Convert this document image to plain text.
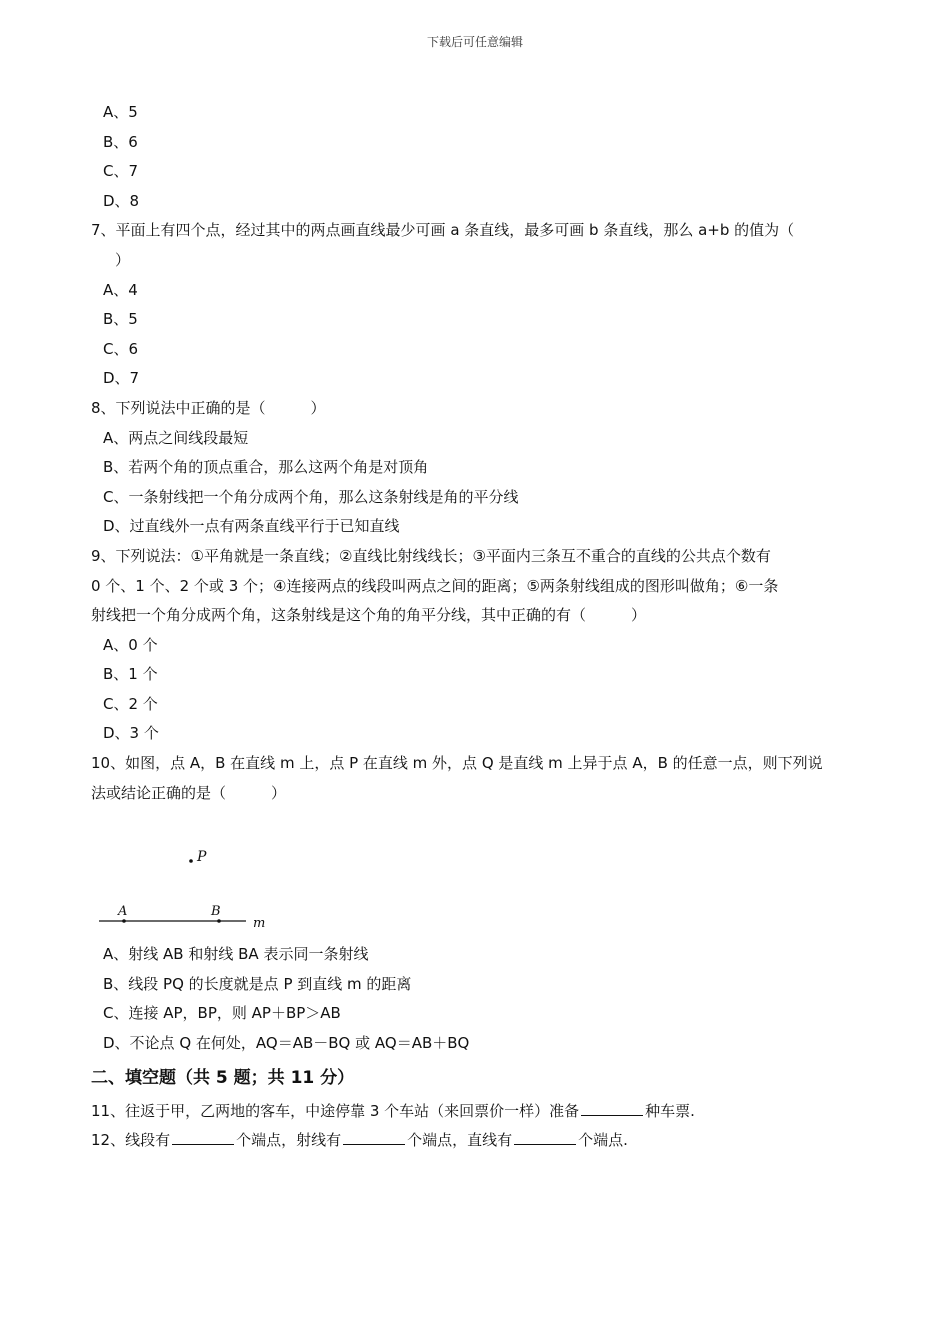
下载后可任意编辑
A、5
B、6
C、7
D、8
7、平面上有四个点，经过其中的两点画直线最少可画 a 条直线，最多可画 b 条直线，那么 a+b 的值为（
）
A、4
B、5
C、6
D、7
8、下列说法中正确的是（　　　）
A、两点之间线段最短
B、若两个角的顶点重合，那么这两个角是对顶角
C、一条射线把一个角分成两个角，那么这条射线是角的平分线
D、过直线外一点有两条直线平行于已知直线
9、下列说法：①平角就是一条直线；②直线比射线线长；③平面内三条互不重合的直线的公共点个数有
0 个、1 个、2 个或 3 个；④连接两点的线段叫两点之间的距离；⑤两条射线组成的图形叫做角；⑥一条
射线把一个角分成两个角，这条射线是这个角的角平分线，其中正确的有（　　　）
A、0 个
B、1 个
C、2 个
D、3 个
10、如图，点 A，B 在直线 m 上，点 P 在直线 m 外，点 Q 是直线 m 上异于点 A，B 的任意一点，则下列说
法或结论正确的是（　　　）
P
A	B
m
A、射线 AB 和射线 BA 表示同一条射线
B、线段 PQ 的长度就是点 P 到直线 m 的距离
C、连接 AP，BP，则 AP＋BP＞AB
D、不论点 Q 在何处，AQ＝AB－BQ 或 AQ＝AB＋BQ
二、填空题（共 5 题；共 11 分）
11、往返于甲，乙两地的客车，中途停靠 3 个车站（来回票价一样）准备	种车票.
12、线段有	个端点，射线有	个端点，直线有	个端点.
